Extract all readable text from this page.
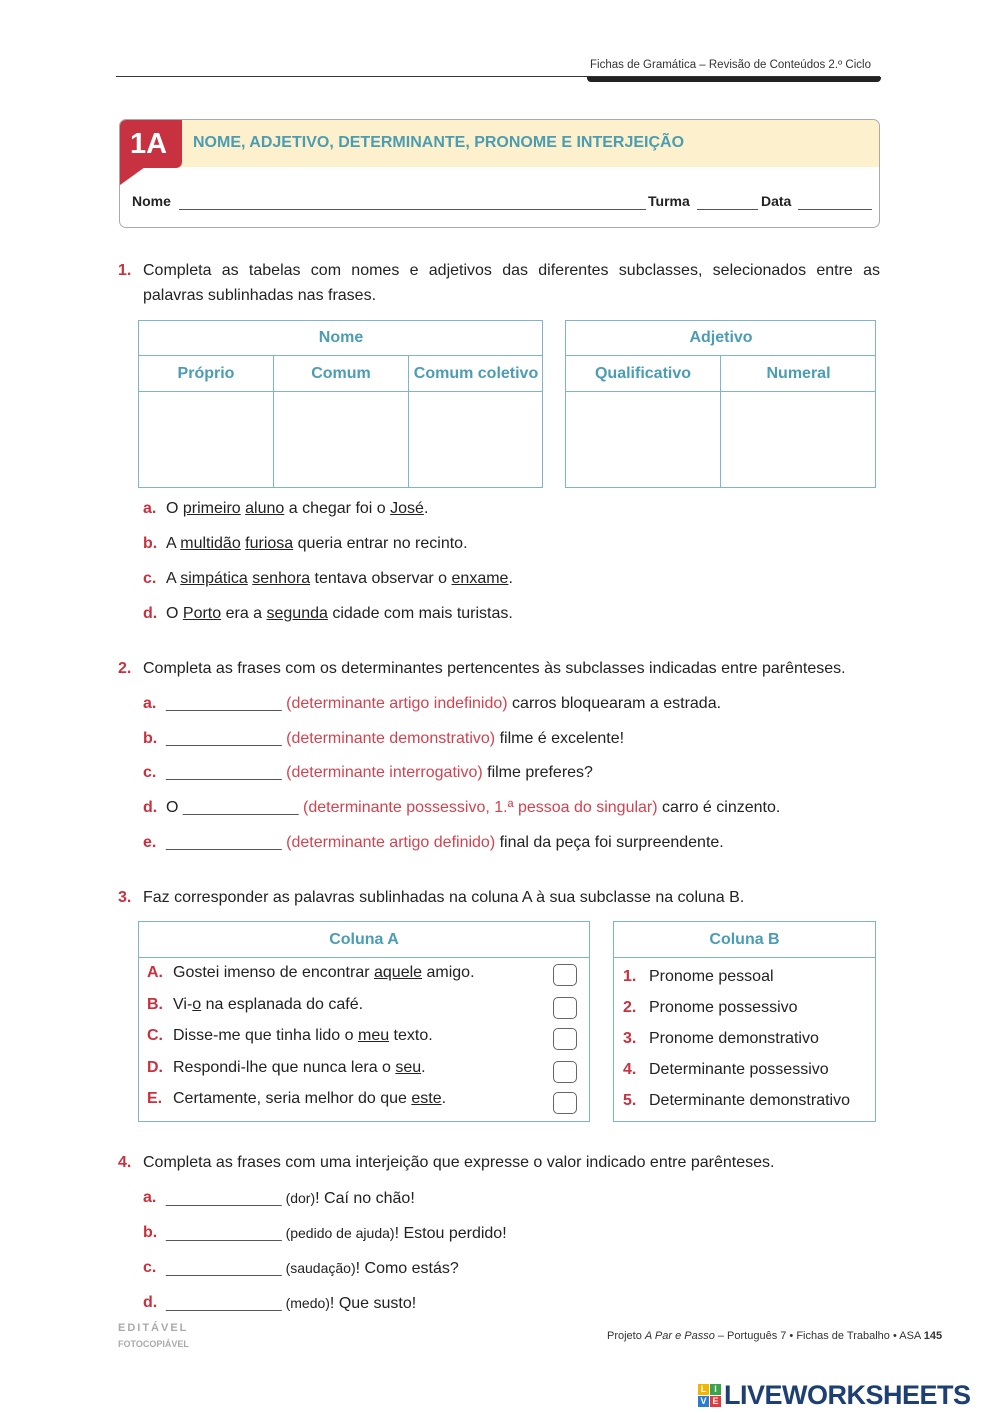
Fichas de Gramática – Revisão de Conteúdos 2.º Ciclo
1A NOME, ADJETIVO, DETERMINANTE, PRONOME E INTERJEIÇÃO
Nome	Turma	Data
1. Completa as tabelas com nomes e adjetivos das diferentes subclasses, selecionados entre as
palavras sublinhadas nas frases.
Nome
Próprio	Comum	Comum coletivo
Adjetivo
Qualificativo	Numeral
2. Completa as frases com os determinantes pertencentes às subclasses indicadas entre parênteses.
3. Faz corresponder as palavras sublinhadas na coluna A à sua subclasse na coluna B.
Coluna A	Coluna B
4. Completa as frases com uma interjeição que expresse o valor indicado entre parênteses.
EDITÁVEL
FOTOCOPIÁVEL
Projeto A Par e Passo – Português 7 • Fichas de Trabalho • ASA 145
L I
V E LIVEWORKSHEETS
a. O primeiro aluno a chegar foi o José.
b. A multidão furiosa queria entrar no recinto.
c. A simpática senhora tentava observar o enxame.
d. O Porto era a segunda cidade com mais turistas.
a. _____________ (determinante artigo indefinido) carros bloquearam a estrada.
b. _____________ (determinante demonstrativo) filme é excelente!
c. _____________ (determinante interrogativo) filme preferes?
d. O _____________ (determinante possessivo, 1.ª pessoa do singular) carro é cinzento.
e. _____________ (determinante artigo definido) final da peça foi surpreendente.
A. Gostei imenso de encontrar aquele amigo.
B. Vi-o na esplanada do café.
C. Disse-me que tinha lido o meu texto.
D. Respondi-lhe que nunca lera o seu.
E. Certamente, seria melhor do que este.
1. Pronome pessoal
2. Pronome possessivo
3. Pronome demonstrativo
4. Determinante possessivo
5. Determinante demonstrativo
a. _____________ (dor)! Caí no chão!
b. _____________ (pedido de ajuda)! Estou perdido!
c. _____________ (saudação)! Como estás?
d. _____________ (medo)! Que susto!
